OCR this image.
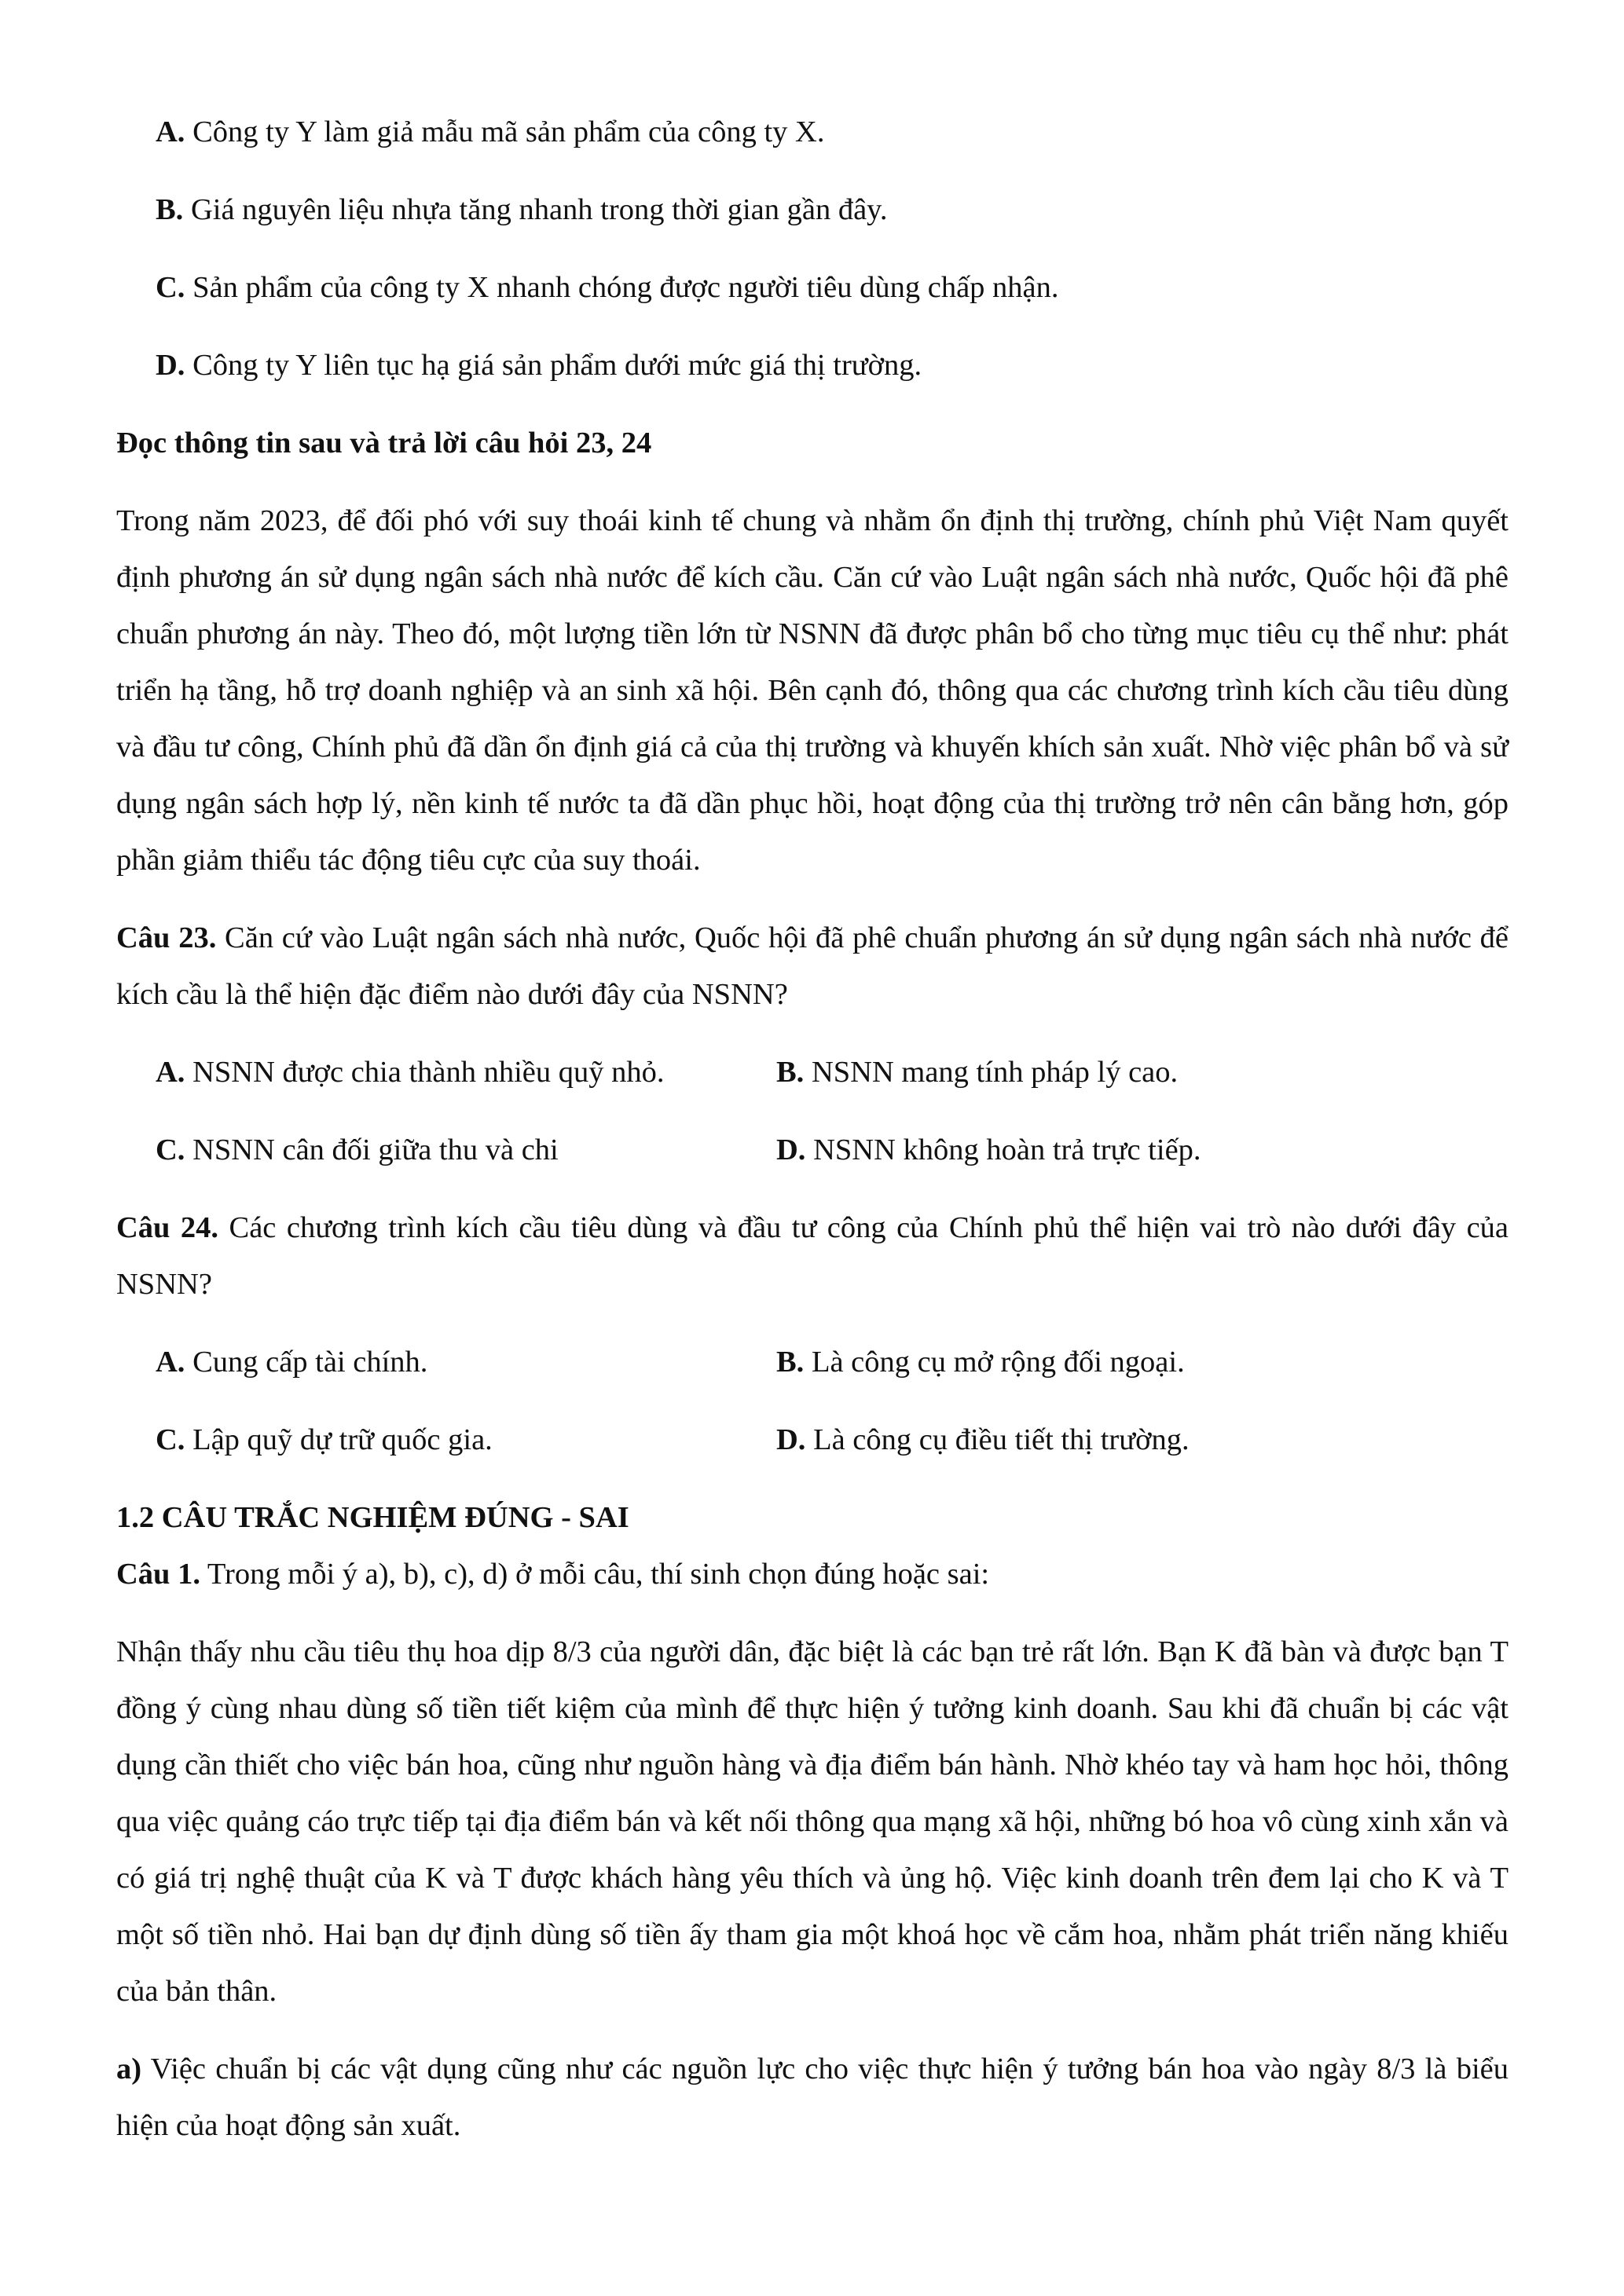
A. Công ty Y làm giả mẫu mã sản phẩm của công ty X.
B. Giá nguyên liệu nhựa tăng nhanh trong thời gian gần đây.
C. Sản phẩm của công ty X nhanh chóng được người tiêu dùng chấp nhận.
D. Công ty Y liên tục hạ giá sản phẩm dưới mức giá thị trường.
Đọc thông tin sau và trả lời câu hỏi 23, 24
Trong năm 2023, để đối phó với suy thoái kinh tế chung và nhằm ổn định thị trường, chính phủ Việt Nam quyết định phương án sử dụng ngân sách nhà nước để kích cầu. Căn cứ vào Luật ngân sách nhà nước, Quốc hội đã phê chuẩn phương án này. Theo đó, một lượng tiền lớn từ NSNN đã được phân bổ cho từng mục tiêu cụ thể như: phát triển hạ tầng, hỗ trợ doanh nghiệp và an sinh xã hội. Bên cạnh đó, thông qua các chương trình kích cầu tiêu dùng và đầu tư công, Chính phủ đã dần ổn định giá cả của thị trường và khuyến khích sản xuất. Nhờ việc phân bổ và sử dụng ngân sách hợp lý, nền kinh tế nước ta đã dần phục hồi, hoạt động của thị trường trở nên cân bằng hơn, góp phần giảm thiểu tác động tiêu cực của suy thoái.
Câu 23. Căn cứ vào Luật ngân sách nhà nước, Quốc hội đã phê chuẩn phương án sử dụng ngân sách nhà nước để kích cầu là thể hiện đặc điểm nào dưới đây của NSNN?
A. NSNN được chia thành nhiều quỹ nhỏ.	B. NSNN mang tính pháp lý cao.
C. NSNN cân đối giữa thu và chi	D. NSNN không hoàn trả trực tiếp.
Câu 24. Các chương trình kích cầu tiêu dùng và đầu tư công của Chính phủ thể hiện vai trò nào dưới đây của NSNN?
A. Cung cấp tài chính.	B. Là công cụ mở rộng đối ngoại.
C. Lập quỹ dự trữ quốc gia.	D. Là công cụ điều tiết thị trường.
1.2 CÂU TRẮC NGHIỆM ĐÚNG - SAI
Câu 1. Trong mỗi ý a), b), c), d) ở mỗi câu, thí sinh chọn đúng hoặc sai:
Nhận thấy nhu cầu tiêu thụ hoa dịp 8/3 của người dân, đặc biệt là các bạn trẻ rất lớn. Bạn K đã bàn và được bạn T đồng ý cùng nhau dùng số tiền tiết kiệm của mình để thực hiện ý tưởng kinh doanh. Sau khi đã chuẩn bị các vật dụng cần thiết cho việc bán hoa, cũng như nguồn hàng và địa điểm bán hành. Nhờ khéo tay và ham học hỏi, thông qua việc quảng cáo trực tiếp tại địa điểm bán và kết nối thông qua mạng xã hội, những bó hoa vô cùng xinh xắn và có giá trị nghệ thuật của K và T được khách hàng yêu thích và ủng hộ. Việc kinh doanh trên đem lại cho K và T một số tiền nhỏ. Hai bạn dự định dùng số tiền ấy tham gia một khoá học về cắm hoa, nhằm phát triển năng khiếu của bản thân.
a) Việc chuẩn bị các vật dụng cũng như các nguồn lực cho việc thực hiện ý tưởng bán hoa vào ngày 8/3 là biểu hiện của hoạt động sản xuất.
